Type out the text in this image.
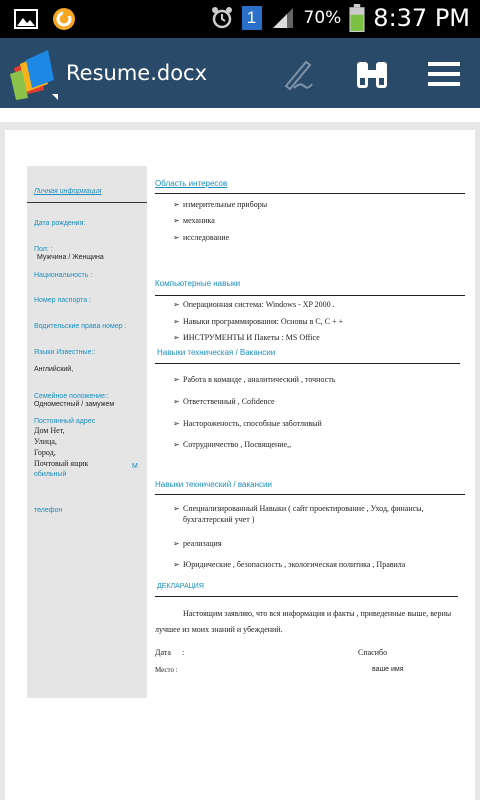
1	70% 8:37 PM
Resume.docx
Личная информация
Дата рождения:
Пол: :
Мужчина / Женщина
Национальность :
Номер паспорта :
Водительские права номер :
Языки Известные::
Английский,
Семейное положение::
Одноместный / замужем
Постоянный адрес
Дом Нет,
Улица,
Город,
Почтовый ящик	М
обильный
телефон
Область интересов
➢ измерительные приборы
➢ механика
➢ исследование
Компьютерные навыки
➢ Операционная система: Windows - XP 2000 .
➢ Навыки программирования: Основы в С, С + +
➢ ИНСТРУМЕНТЫ И Пакеты : MS Office
Навыки техническая / Вакансии
➢ Работа в команде , аналитический , точность
➢ Ответственный , Cofidence
➢ Настороженость, способные заботливый
➢ Сотрудничество , Посвящение,,
Навыки технический / вакансии
➢ Специализированный Навыки ( сайт проектирование , Уход, финансы, бухгалтерский учет )
➢ реализация
➢ Юридические , безопасность , экологическая политика , Правила
ДЕКЛАРАЦИЯ
Настоящим заявляю, что вся информация и факты , приведенные выше, верны лучшее из моих знаний и убеждений.
Дата :	Спасибо
Место :	ваше имя
